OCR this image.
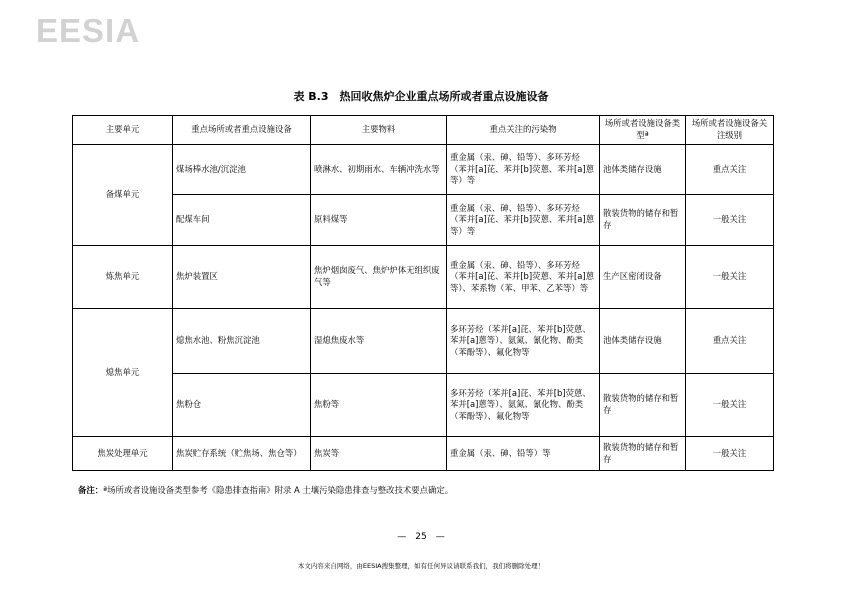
EESIA
表 B.3　热回收焦炉企业重点场所或者重点设施设备
主要单元	重点场所或者重点设施设备	主要物料	重点关注的污染物	场所或者设施设备类型ª	场所或者设施设备关注级别
备煤单元	煤场棒水池/沉淀池	喷淋水、初期雨水、车辆冲洗水等	重金属（汞、砷、铅等）、多环芳烃（苯并[a]芘、苯并[b]荧蒽、苯并[a]蒽等）等	池体类储存设施	重点关注
	配煤车间	原料煤等	重金属（汞、砷、铅等）、多环芳烃（苯并[a]芘、苯并[b]荧蒽、苯并[a]蒽等）等	散装货物的储存和暂存	一般关注
炼焦单元	焦炉装置区	焦炉烟囱废气、焦炉炉体无组织废气等	重金属（汞、砷、铅等）、多环芳烃（苯并[a]芘、苯并[b]荧蒽、苯并[a]蒽等）、苯系物（苯、甲苯、乙苯等）等	生产区密闭设备	一般关注
熄焦单元	熄焦水池、粉焦沉淀池	湿熄焦废水等	多环芳烃（苯并[a]芘、苯并[b]荧蒽、苯并[a]蒽等）、氨氮、氰化物、酚类（苯酚等）、氟化物等	池体类储存设施	重点关注
	焦粉仓	焦粉等	多环芳烃（苯并[a]芘、苯并[b]荧蒽、苯并[a]蒽等）、氨氮、氰化物、酚类（苯酚等）、氟化物等	散装货物的储存和暂存	一般关注
焦炭处理单元	焦炭贮存系统（贮焦场、焦仓等）	焦炭等	重金属（汞、砷、铅等）等	散装货物的储存和暂存	一般关注
备注：ª场所或者设施设备类型参考《隐患排查指南》附录 A 土壤污染隐患排查与整改技术要点确定。
—　25　—
本文内容来自网络，由EESIA搜集整理，如有任何异议请联系我们，我们将删除处理！
